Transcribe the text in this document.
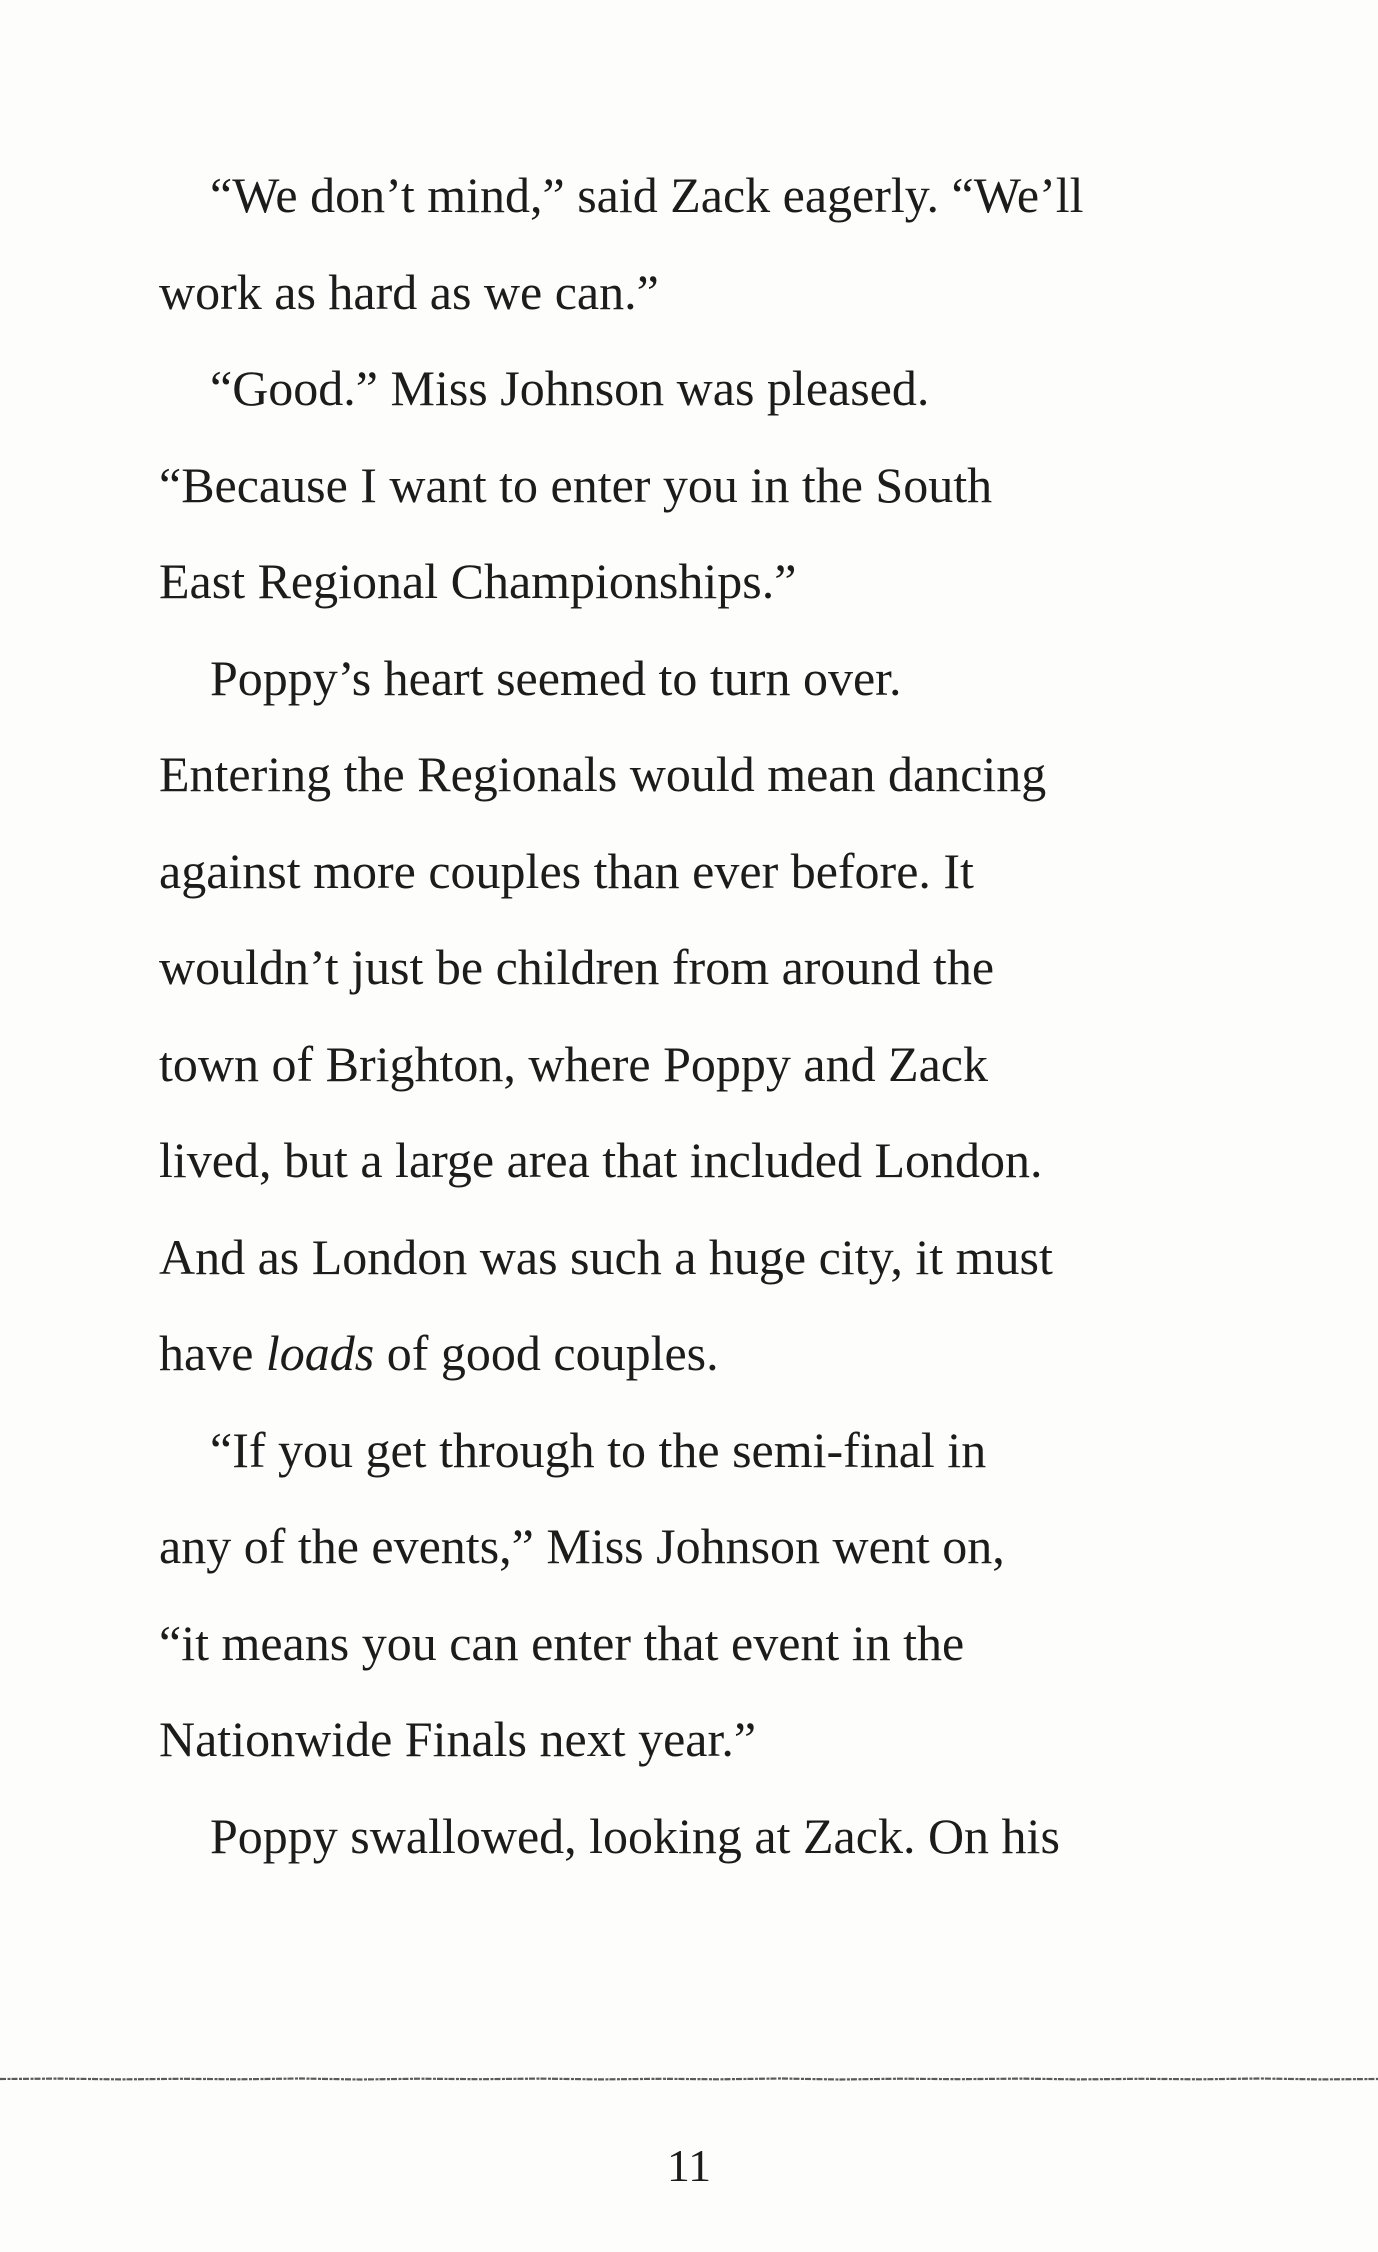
“We don’t mind,” said Zack eagerly. “We’ll
work as hard as we can.”
“Good.” Miss Johnson was pleased.
“Because I want to enter you in the South
East Regional Championships.”
Poppy’s heart seemed to turn over.
Entering the Regionals would mean dancing
against more couples than ever before. It
wouldn’t just be children from around the
town of Brighton, where Poppy and Zack
lived, but a large area that included London.
And as London was such a huge city, it must
have loads of good couples.
“If you get through to the semi-final in
any of the events,” Miss Johnson went on,
“it means you can enter that event in the
Nationwide Finals next year.”
Poppy swallowed, looking at Zack. On his
11
